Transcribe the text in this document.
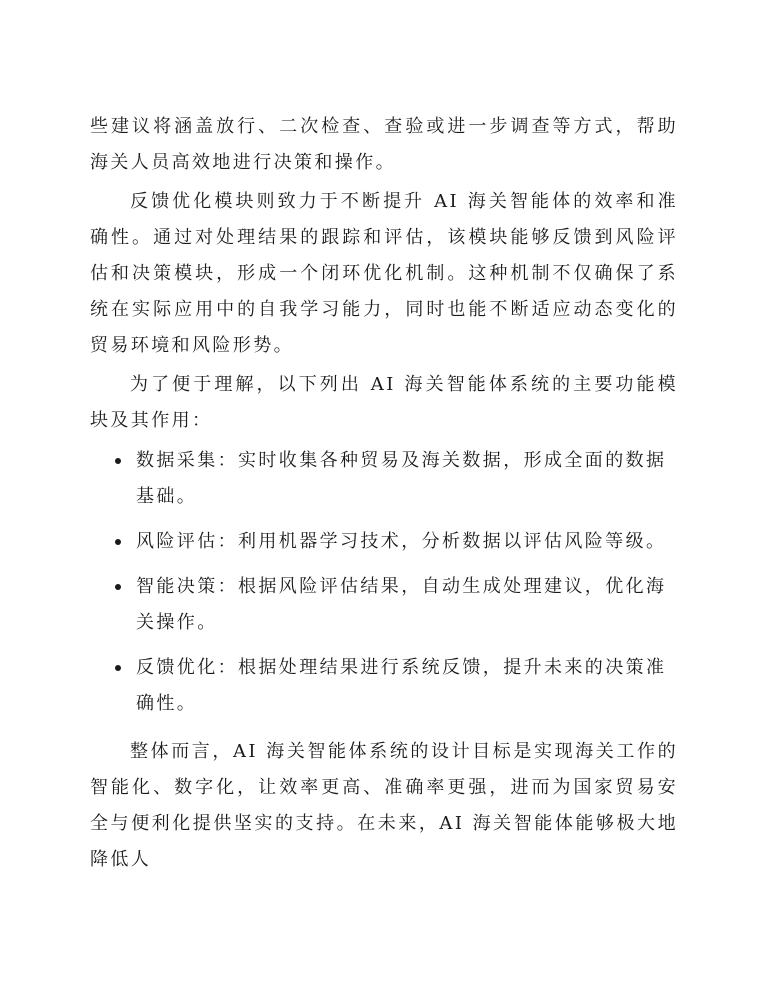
些建议将涵盖放行、二次检查、查验或进一步调查等方式，帮助海关人员高效地进行决策和操作。

反馈优化模块则致力于不断提升 AI 海关智能体的效率和准确性。通过对处理结果的跟踪和评估，该模块能够反馈到风险评估和决策模块，形成一个闭环优化机制。这种机制不仅确保了系统在实际应用中的自我学习能力，同时也能不断适应动态变化的贸易环境和风险形势。

为了便于理解，以下列出 AI 海关智能体系统的主要功能模块及其作用：

数据采集：实时收集各种贸易及海关数据，形成全面的数据基础。
风险评估：利用机器学习技术，分析数据以评估风险等级。
智能决策：根据风险评估结果，自动生成处理建议，优化海关操作。
反馈优化：根据处理结果进行系统反馈，提升未来的决策准确性。

整体而言，AI 海关智能体系统的设计目标是实现海关工作的智能化、数字化，让效率更高、准确率更强，进而为国家贸易安全与便利化提供坚实的支持。在未来，AI 海关智能体能够极大地降低人
